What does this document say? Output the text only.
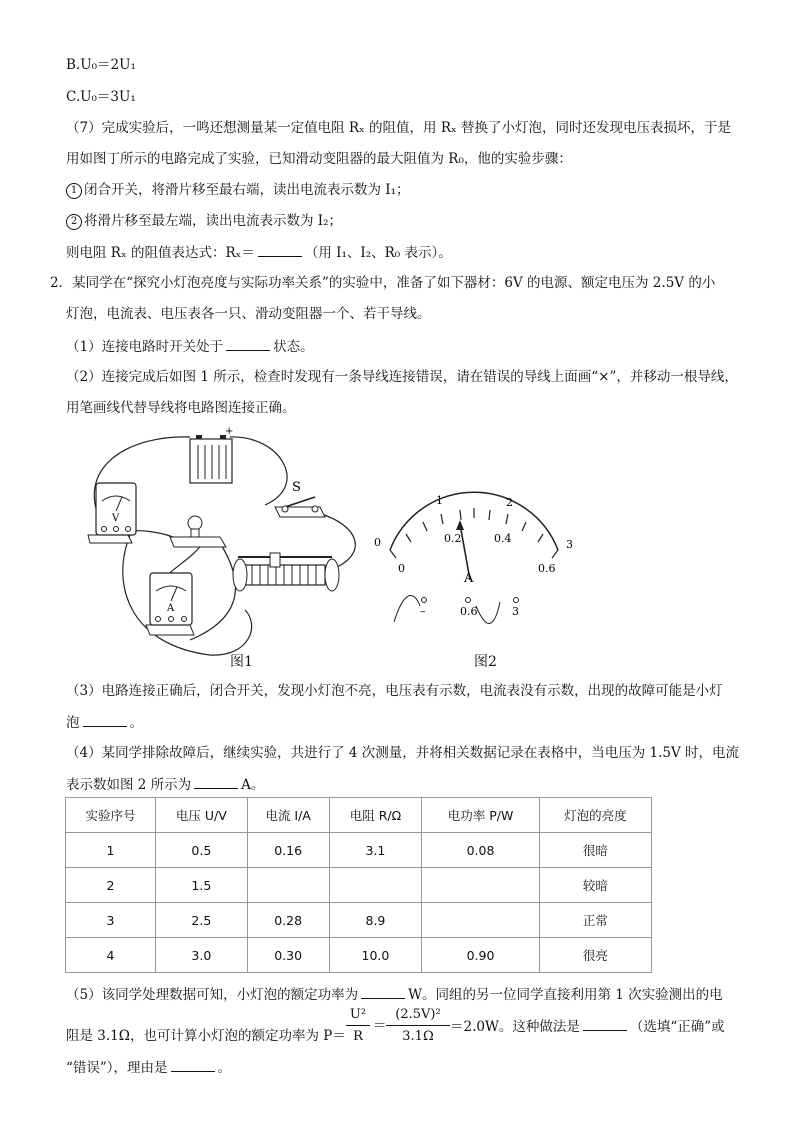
B.U₀＝2U₁
C.U₀＝3U₁
（7）完成实验后，一鸣还想测量某一定值电阻 Rₓ 的阻值，用 Rₓ 替换了小灯泡，同时还发现电压表损坏，于是
用如图丁所示的电路完成了实验，已知滑动变阻器的最大阻值为 R₀，他的实验步骤：
1 闭合开关，将滑片移至最右端，读出电流表示数为 I₁；
2 将滑片移至最左端，读出电流表示数为 I₂；
则电阻 Rₓ 的阻值表达式：Rₓ＝	（用 I₁、I₂、R₀ 表示）。
2．某同学在“探究小灯泡亮度与实际功率关系”的实验中，准备了如下器材：6V 的电源、额定电压为 2.5V 的小
灯泡，电流表、电压表各一只、滑动变阻器一个、若干导线。
（1）连接电路时开关处于	状态。
（2）连接完成后如图 1 所示，检查时发现有一条导线连接错误，请在错误的导线上面画“×”，并移动一根导线，
用笔画线代替导线将电路图连接正确。
+
V
S
A
0
1	2
3
0
0.2	0.4
0.6
A
–	0.6	3
图1	图2
（3）电路连接正确后，闭合开关，发现小灯泡不亮，电压表有示数，电流表没有示数，出现的故障可能是小灯
泡	。
（4）某同学排除故障后，继续实验，共进行了 4 次测量，并将相关数据记录在表格中，当电压为 1.5V 时，电流
表示数如图 2 所示为	A。
实验序号	电压 U/V	电流 I/A	电阻 R/Ω	电功率 P/W	灯泡的亮度
1	0.5	0.16	3.1	0.08	很暗
2	1.5				较暗
3	2.5	0.28	8.9		正常
4	3.0	0.30	10.0	0.90	很亮
（5）该同学处理数据可知，小灯泡的额定功率为	W。同组的另一位同学直接利用第 1 次实验测出的电
阻是 3.1Ω，也可计算小灯泡的额定功率为 P＝
U²
R
＝
(2.5V)²
3.1Ω
＝2.0W。这种做法是	（选填“正确”或
“错误”），理由是	。
